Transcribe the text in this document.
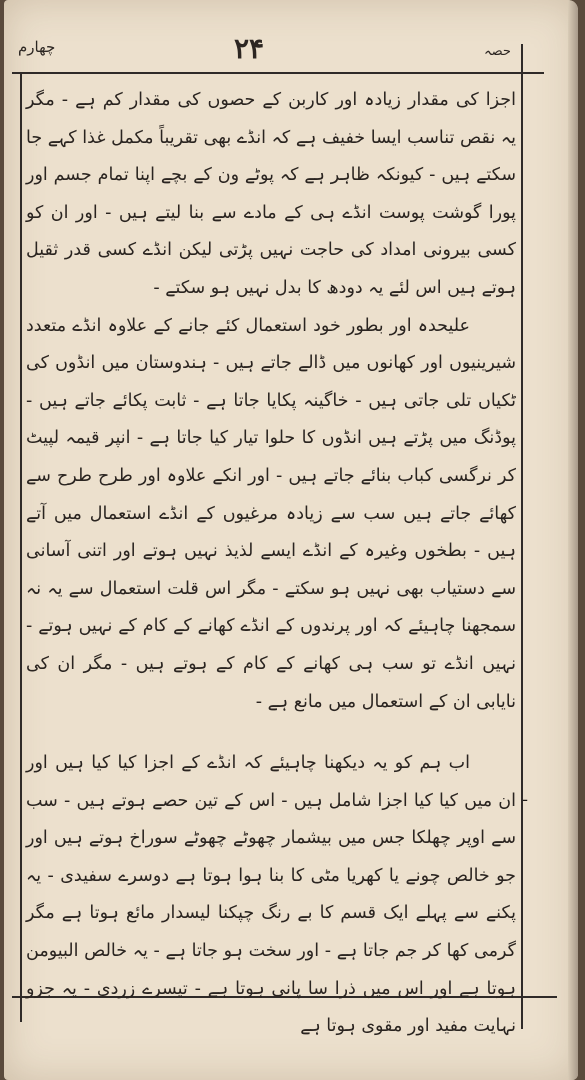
چهارم	۲۴	حصہ

اجزا کی مقدار زیادہ اور کاربن کے حصوں کی مقدار کم ہے - مگر یہ نقص تناسب ایسا خفیف ہے کہ انڈے بھی تقریباً مکمل غذا کہے جا سکتے ہیں - کیونکہ ظاہر ہے کہ پوٹے ون کے بچے اپنا تمام جسم اور پورا گوشت پوست انڈے ہی کے مادے سے بنا لیتے ہیں - اور ان کو کسی بیرونی امداد کی حاجت نہیں پڑتی لیکن انڈے کسی قدر ثقیل ہوتے ہیں اس لئے یہ دودھ کا بدل نہیں ہو سکتے -

علیحدہ اور بطور خود استعمال کئے جانے کے علاوہ انڈے متعدد شیرینیوں اور کھانوں میں ڈالے جاتے ہیں - ہندوستان میں انڈوں کی ٹکیاں تلی جاتی ہیں - خاگینہ پکایا جاتا ہے - ثابت پکائے جاتے ہیں - پوڈنگ میں پڑتے ہیں انڈوں کا حلوا تیار کیا جاتا ہے - انپر قیمہ لپیٹ کر نرگسی کباب بنائے جاتے ہیں - اور انکے علاوہ اور طرح طرح سے کھائے جاتے ہیں سب سے زیادہ مرغیوں کے انڈے استعمال میں آتے ہیں - بطخوں وغیرہ کے انڈے ایسے لذیذ نہیں ہوتے اور اتنی آسانی سے دستیاب بھی نہیں ہو سکتے - مگر اس قلت استعمال سے یہ نہ سمجھنا چاہیئے کہ اور پرندوں کے انڈے کھانے کے کام کے نہیں ہوتے - نہیں انڈے تو سب ہی کھانے کے کام کے ہوتے ہیں - مگر ان کی نایابی ان کے استعمال میں مانع ہے -

اب ہم کو یہ دیکھنا چاہیئے کہ انڈے کے اجزا کیا کیا ہیں اور ان میں کیا کیا اجزا شامل ہیں - اس کے تین حصے ہوتے ہیں - سب سے اوپر چھلکا جس میں بیشمار چھوٹے چھوٹے سوراخ ہوتے ہیں اور جو خالص چونے یا کھریا مٹی کا بنا ہوا ہوتا ہے دوسرے سفیدی - یہ پکنے سے پہلے ایک قسم کا بے رنگ چپکنا لیسدار مائع ہوتا ہے مگر گرمی کھا کر جم جاتا ہے - اور سخت ہو جاتا ہے - یہ خالص البیومن ہوتا ہے اور اس میں ذرا سا پانی ہوتا ہے - تیسرے زردی - یہ جزو نہایت مفید اور مقوی ہوتا ہے

ـ
